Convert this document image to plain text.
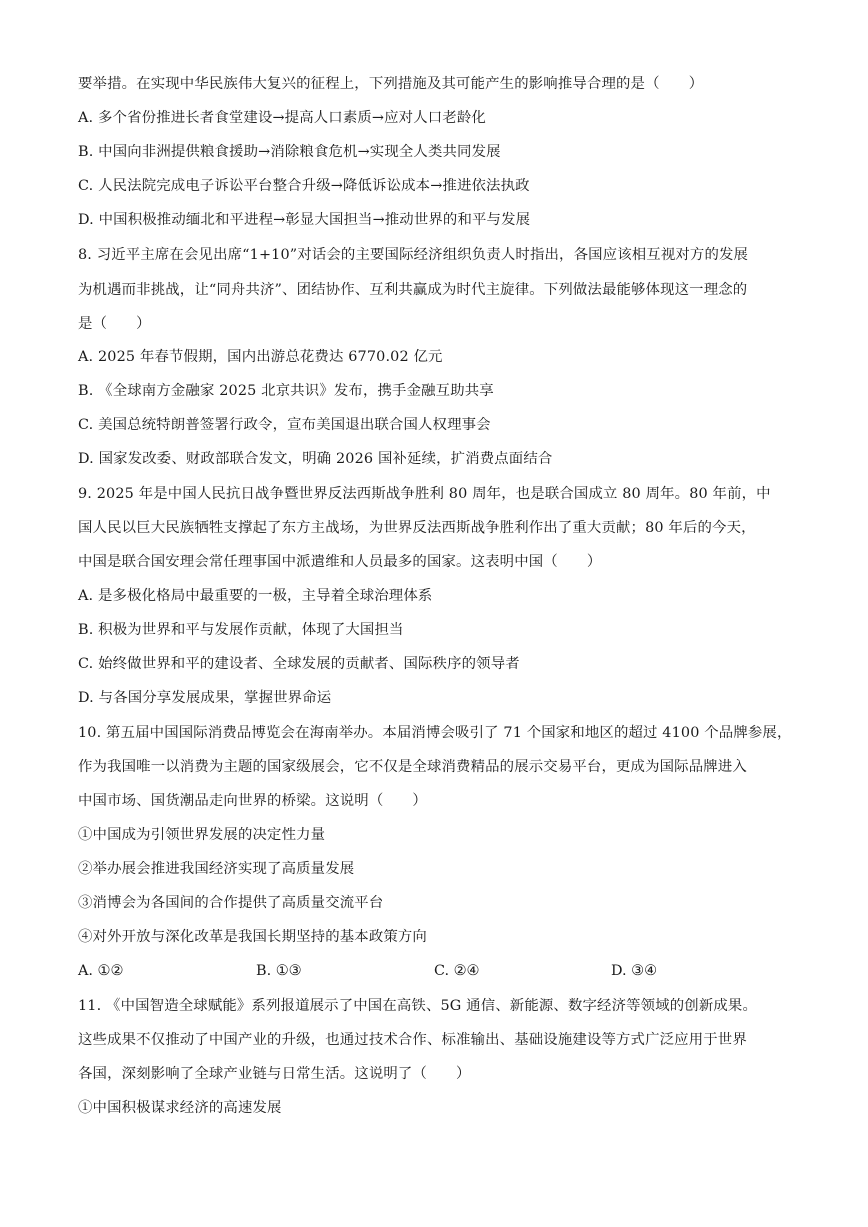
要举措。在实现中华民族伟大复兴的征程上，下列措施及其可能产生的影响推导合理的是（　　）
A. 多个省份推进长者食堂建设→提高人口素质→应对人口老龄化
B. 中国向非洲提供粮食援助→消除粮食危机→实现全人类共同发展
C. 人民法院完成电子诉讼平台整合升级→降低诉讼成本→推进依法执政
D. 中国积极推动缅北和平进程→彰显大国担当→推动世界的和平与发展
8. 习近平主席在会见出席“1+10”对话会的主要国际经济组织负责人时指出，各国应该相互视对方的发展
为机遇而非挑战，让“同舟共济”、团结协作、互利共赢成为时代主旋律。下列做法最能够体现这一理念的
是（　　）
A. 2025 年春节假期，国内出游总花费达 6770.02 亿元
B. 《全球南方金融家 2025 北京共识》发布，携手金融互助共享
C. 美国总统特朗普签署行政令，宣布美国退出联合国人权理事会
D. 国家发改委、财政部联合发文，明确 2026 国补延续，扩消费点面结合
9. 2025 年是中国人民抗日战争暨世界反法西斯战争胜利 80 周年，也是联合国成立 80 周年。80 年前，中
国人民以巨大民族牺牲支撑起了东方主战场，为世界反法西斯战争胜利作出了重大贡献；80 年后的今天，
中国是联合国安理会常任理事国中派遣维和人员最多的国家。这表明中国（　　）
A. 是多极化格局中最重要的一极，主导着全球治理体系
B. 积极为世界和平与发展作贡献，体现了大国担当
C. 始终做世界和平的建设者、全球发展的贡献者、国际秩序的领导者
D. 与各国分享发展成果，掌握世界命运
10. 第五届中国国际消费品博览会在海南举办。本届消博会吸引了 71 个国家和地区的超过 4100 个品牌参展，
作为我国唯一以消费为主题的国家级展会，它不仅是全球消费精品的展示交易平台，更成为国际品牌进入
中国市场、国货潮品走向世界的桥梁。这说明（　　）
①中国成为引领世界发展的决定性力量
②举办展会推进我国经济实现了高质量发展
③消博会为各国间的合作提供了高质量交流平台
④对外开放与深化改革是我国长期坚持的基本政策方向
A. ①②	B. ①③	C. ②④	D. ③④
11. 《中国智造全球赋能》系列报道展示了中国在高铁、5G 通信、新能源、数字经济等领域的创新成果。
这些成果不仅推动了中国产业的升级，也通过技术合作、标准输出、基础设施建设等方式广泛应用于世界
各国，深刻影响了全球产业链与日常生活。这说明了（　　）
①中国积极谋求经济的高速发展
